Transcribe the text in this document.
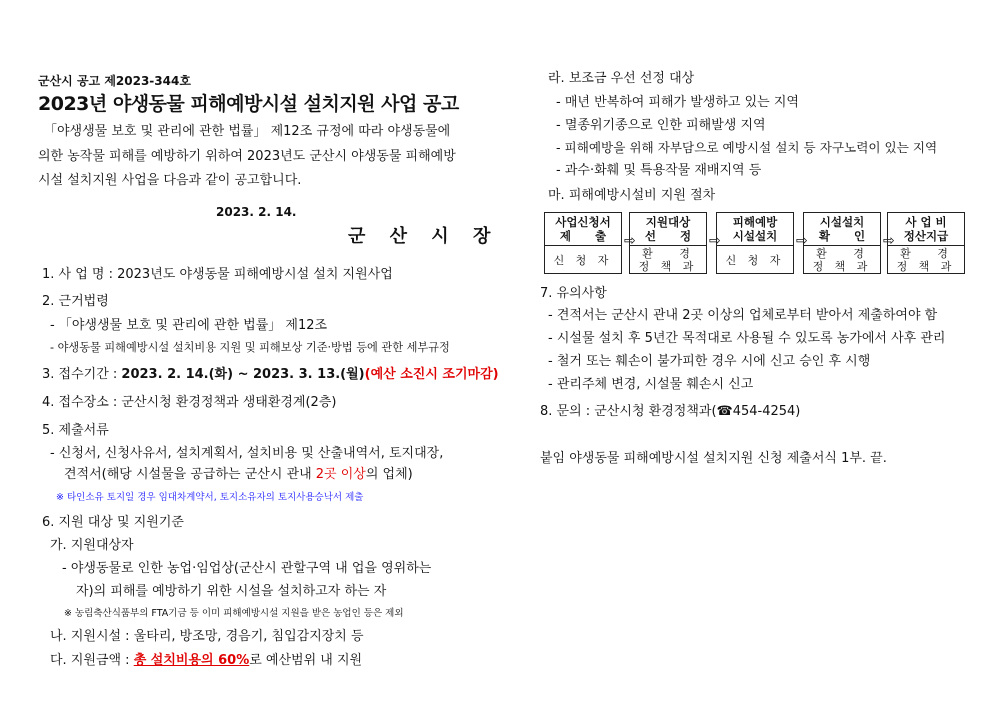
군산시 공고 제2023-344호
2023년 야생동물 피해예방시설 설치지원 사업 공고
「야생생물 보호 및 관리에 관한 법률」 제12조 규정에 따라 야생동물에
의한 농작물 피해를 예방하기 위하여 2023년도 군산시 야생동물 피해예방
시설 설치지원 사업을 다음과 같이 공고합니다.
2023. 2. 14.
군 산 시 장
1. 사 업 명 : 2023년도 야생동물 피해예방시설 설치 지원사업
2. 근거법령
- 「야생생물 보호 및 관리에 관한 법률」 제12조
- 야생동물 피해예방시설 설치비용 지원 및 피해보상 기준·방법 등에 관한 세부규정
3. 접수기간 : 2023. 2. 14.(화) ~ 2023. 3. 13.(월)(예산 소진시 조기마감)
4. 접수장소 : 군산시청 환경정책과 생태환경계(2층)
5. 제출서류
- 신청서, 신청사유서, 설치계획서, 설치비용 및 산출내역서, 토지대장,
견적서(해당 시설물을 공급하는 군산시 관내 2곳 이상의 업체)
※ 타인소유 토지일 경우 임대차계약서, 토지소유자의 토지사용승낙서 제출
6. 지원 대상 및 지원기준
가. 지원대상자
- 야생동물로 인한 농업·임업상(군산시 관할구역 내 업을 영위하는
자)의 피해를 예방하기 위한 시설을 설치하고자 하는 자
※ 농림축산식품부의 FTA기금 등 이미 피해예방시설 지원을 받은 농업인 등은 제외
나. 지원시설 : 울타리, 방조망, 경음기, 침입감지장치 등
다. 지원금액 : 총 설치비용의 60%로 예산범위 내 지원
라. 보조금 우선 선정 대상
- 매년 반복하여 피해가 발생하고 있는 지역
- 멸종위기종으로 인한 피해발생 지역
- 피해예방을 위해 자부담으로 예방시설 설치 등 자구노력이 있는 지역
- 과수·화훼 및 특용작물 재배지역 등
마. 피해예방시설비 지원 절차
사업신청서
제      출
신 청 자
⇨
지원대상
선      정
환   경
정 책 과
⇨
피해예방
시설설치
신 청 자
⇨
시설설치
확      인
환   경
정 책 과
⇨
사 업 비
정산지급
환   경
정 책 과
7. 유의사항
- 견적서는 군산시 관내 2곳 이상의 업체로부터 받아서 제출하여야 함
- 시설물 설치 후 5년간 목적대로 사용될 수 있도록 농가에서 사후 관리
- 철거 또는 훼손이 불가피한 경우 시에 신고 승인 후 시행
- 관리주체 변경, 시설물 훼손시 신고
8. 문의 : 군산시청 환경정책과(☎454-4254)
붙임 야생동물 피해예방시설 설치지원 신청 제출서식 1부. 끝.
